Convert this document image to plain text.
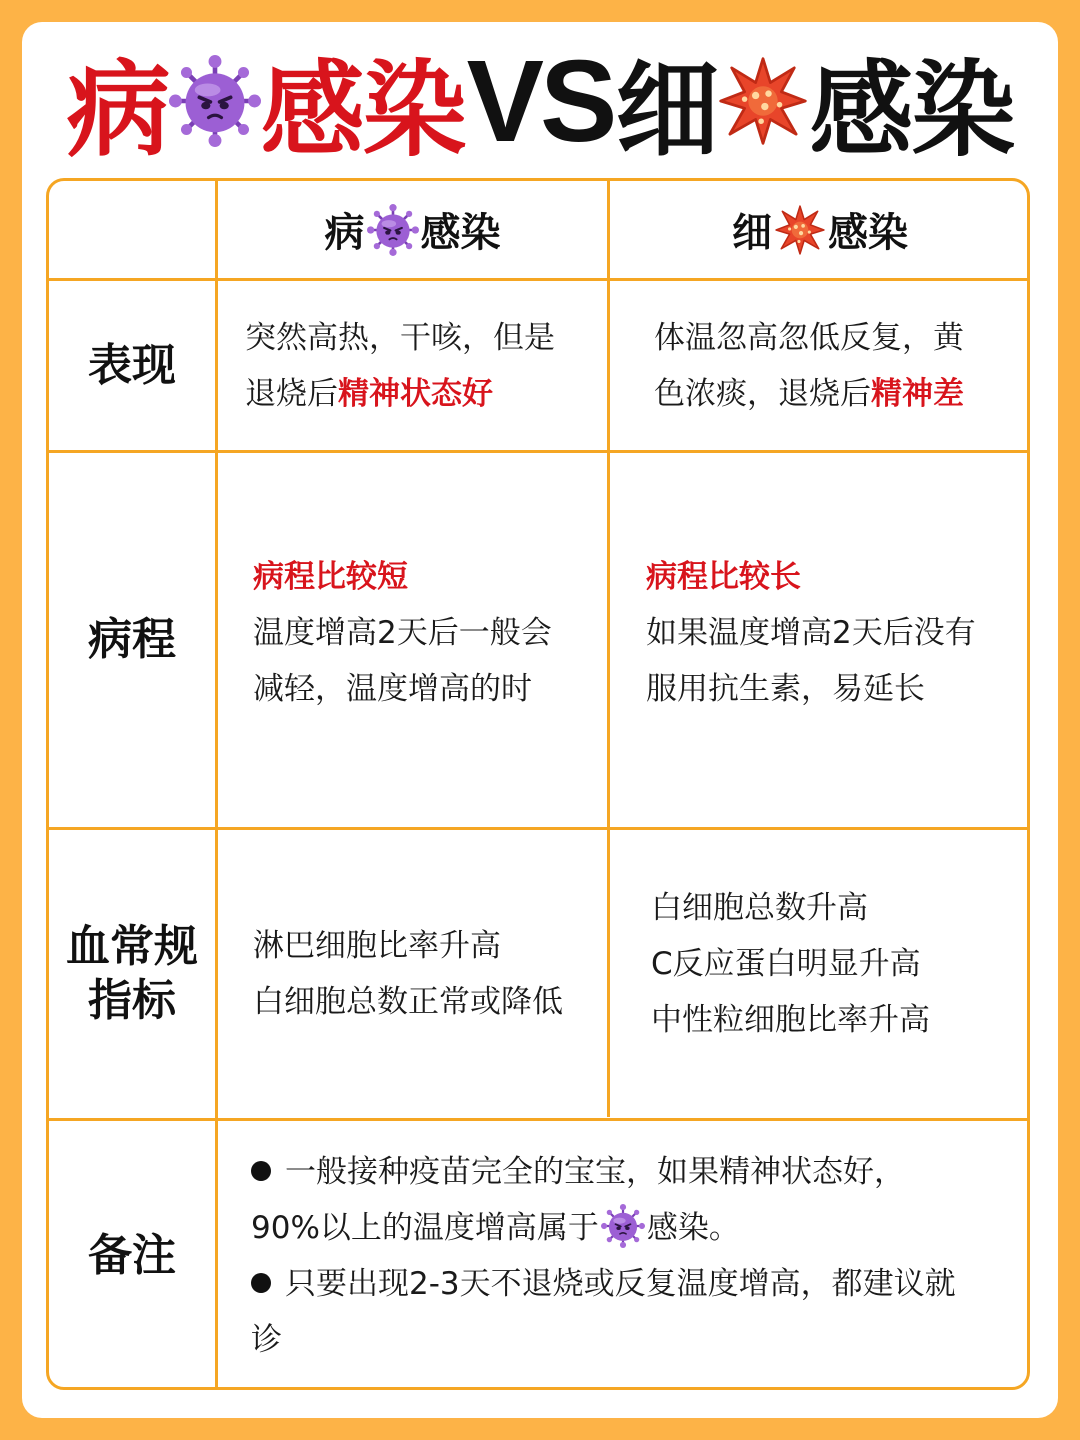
病 感染 VS 细 感染
病 感染	细 感染
表现
突然高热，干咳，但是
退烧后精神状态好
体温忽高忽低反复，黄
色浓痰，退烧后精神差
病程
病程比较短
温度增高2天后一般会
减轻，温度增高的时
病程比较长
如果温度增高2天后没有
服用抗生素，易延长
血常规
指标
淋巴细胞比率升高
白细胞总数正常或降低
白细胞总数升高
C反应蛋白明显升高
中性粒细胞比率升高
备注
一般接种疫苗完全的宝宝，如果精神状态好，
90%以上的温度增高属于 感染。
只要出现2-3天不退烧或反复温度增高，都建议就
诊
